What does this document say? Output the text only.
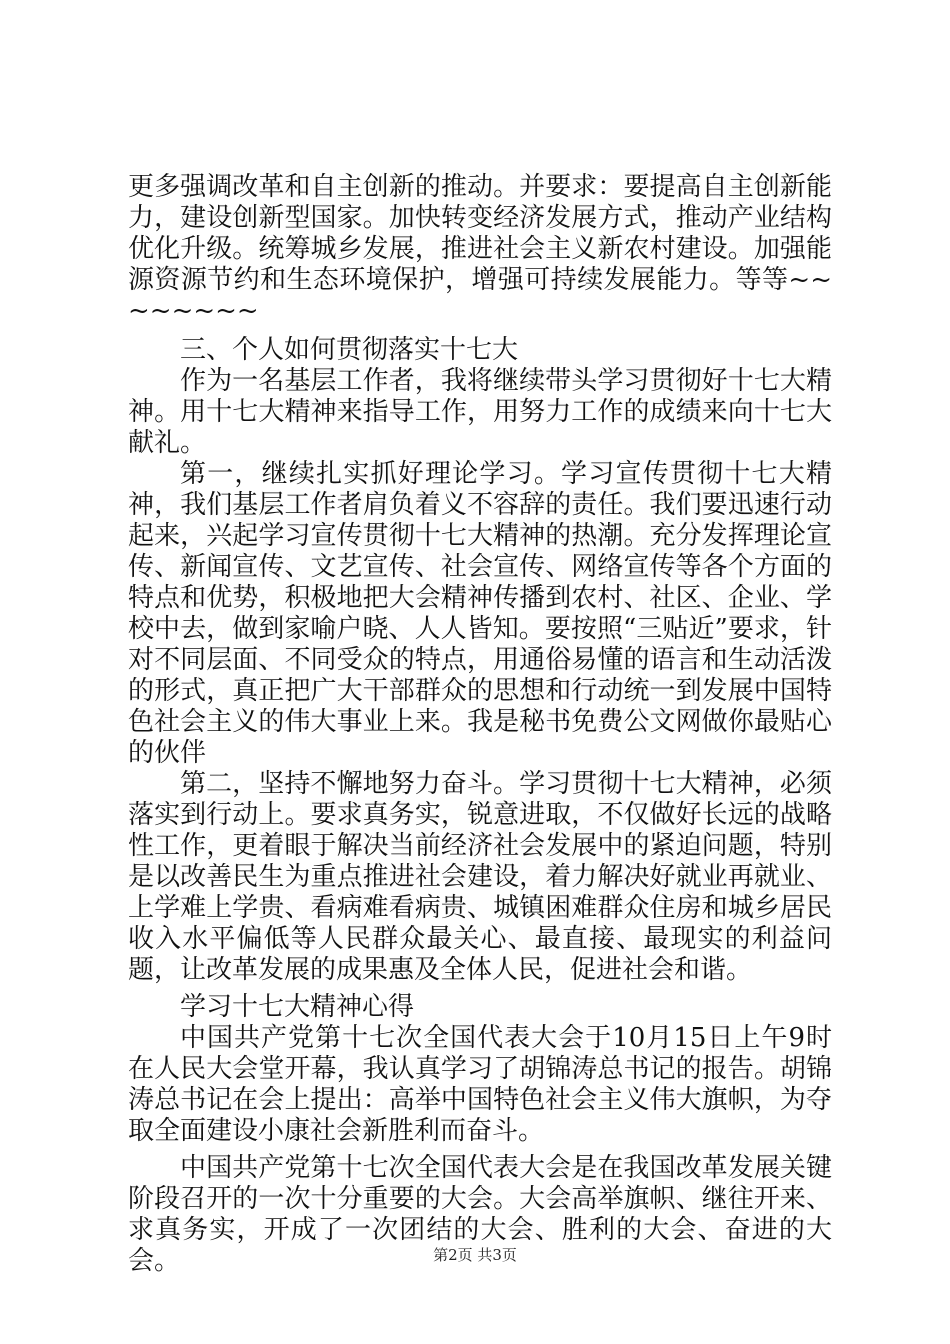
更多强调改革和自主创新的推动。并要求：要提高自主创新能力，建设创新型国家。加快转变经济发展方式，推动产业结构优化升级。统筹城乡发展，推进社会主义新农村建设。加强能源资源节约和生态环境保护，增强可持续发展能力。等等~~~~~~~~

三、个人如何贯彻落实十七大

作为一名基层工作者，我将继续带头学习贯彻好十七大精神。用十七大精神来指导工作，用努力工作的成绩来向十七大献礼。

第一，继续扎实抓好理论学习。学习宣传贯彻十七大精神，我们基层工作者肩负着义不容辞的责任。我们要迅速行动起来，兴起学习宣传贯彻十七大精神的热潮。充分发挥理论宣传、新闻宣传、文艺宣传、社会宣传、网络宣传等各个方面的特点和优势，积极地把大会精神传播到农村、社区、企业、学校中去，做到家喻户晓、人人皆知。要按照“三贴近”要求，针对不同层面、不同受众的特点，用通俗易懂的语言和生动活泼的形式，真正把广大干部群众的思想和行动统一到发展中国特色社会主义的伟大事业上来。我是秘书免费公文网做你最贴心的伙伴

第二，坚持不懈地努力奋斗。学习贯彻十七大精神，必须落实到行动上。要求真务实，锐意进取，不仅做好长远的战略性工作，更着眼于解决当前经济社会发展中的紧迫问题，特别是以改善民生为重点推进社会建设，着力解决好就业再就业、上学难上学贵、看病难看病贵、城镇困难群众住房和城乡居民收入水平偏低等人民群众最关心、最直接、最现实的利益问题，让改革发展的成果惠及全体人民，促进社会和谐。

学习十七大精神心得

中国共产党第十七次全国代表大会于10月15日上午9时在人民大会堂开幕，我认真学习了胡锦涛总书记的报告。胡锦涛总书记在会上提出：高举中国特色社会主义伟大旗帜，为夺取全面建设小康社会新胜利而奋斗。

中国共产党第十七次全国代表大会是在我国改革发展关键阶段召开的一次十分重要的大会。大会高举旗帜、继往开来、求真务实，开成了一次团结的大会、胜利的大会、奋进的大会。	第2页 共3页
